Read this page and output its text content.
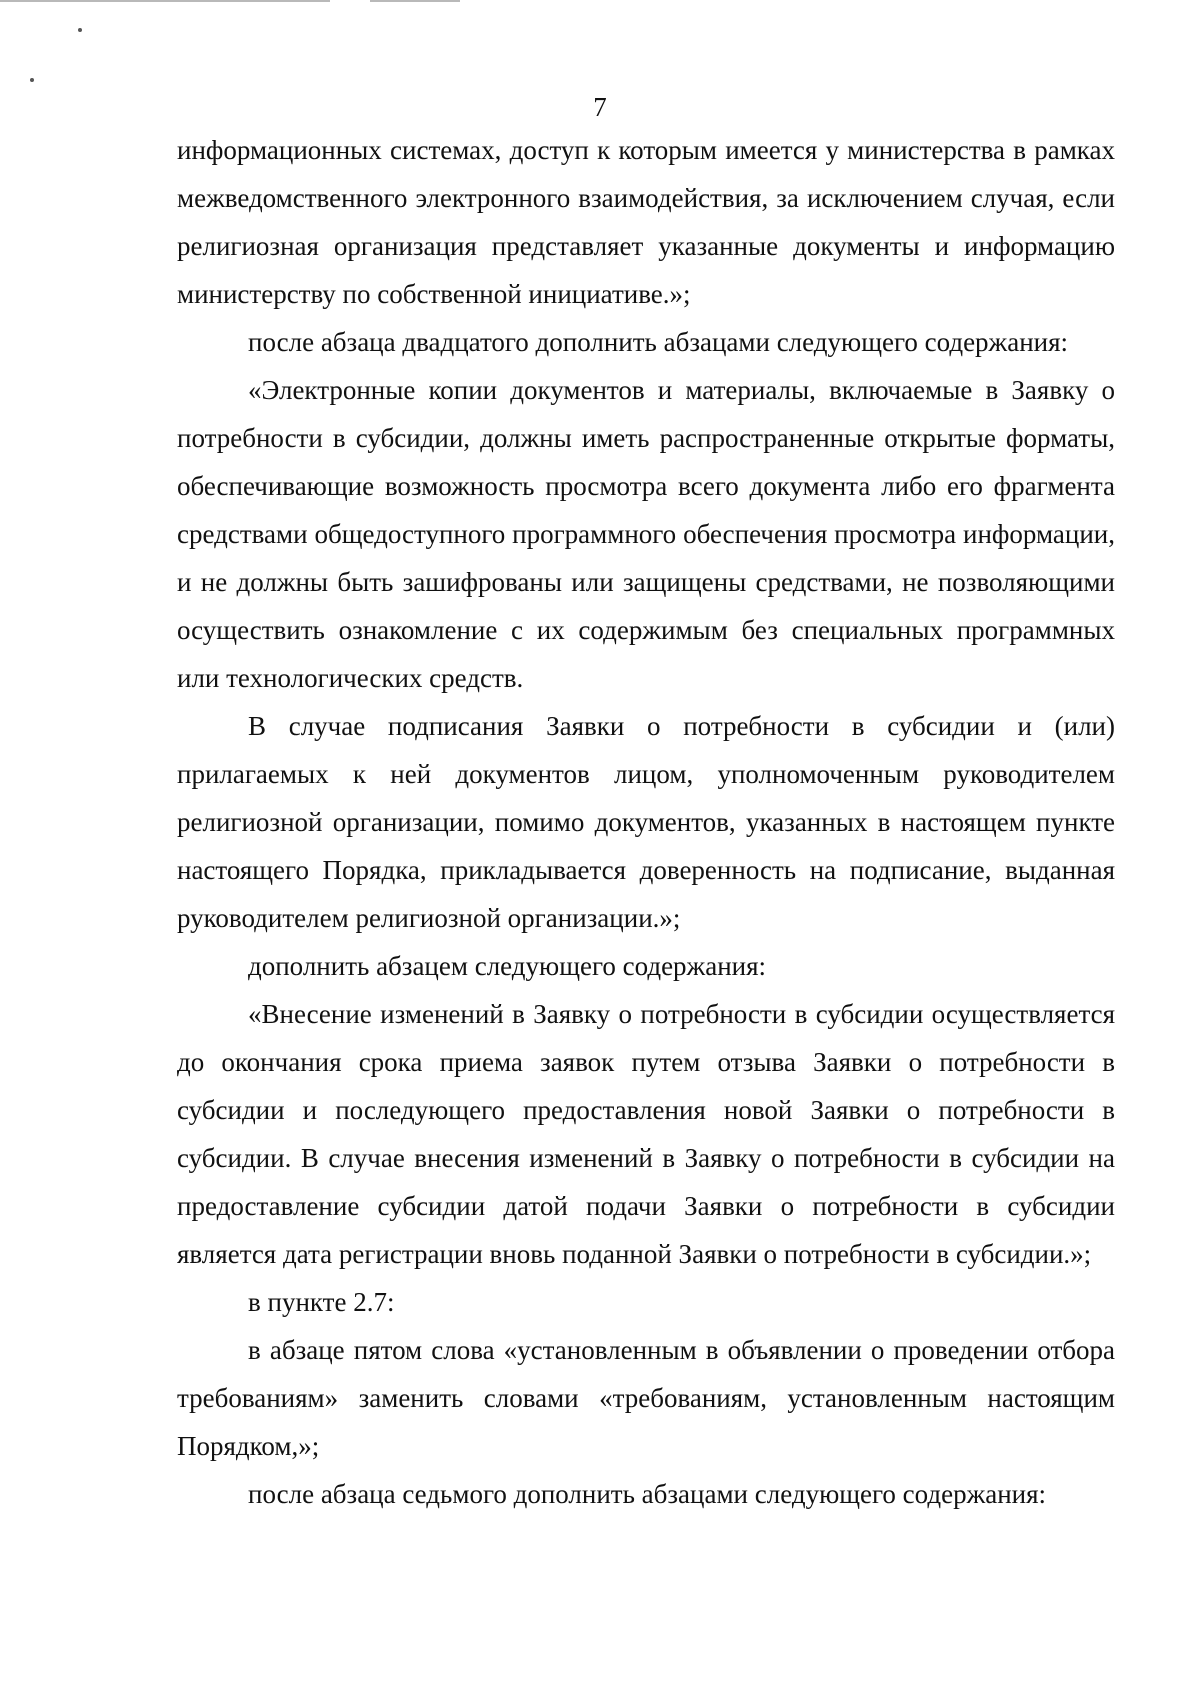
7

информационных системах, доступ к которым имеется у министерства в рамках межведомственного электронного взаимодействия, за исключением случая, если религиозная организация представляет указанные документы и информацию министерству по собственной инициативе.»;

после абзаца двадцатого дополнить абзацами следующего содержания:

«Электронные копии документов и материалы, включаемые в Заявку о потребности в субсидии, должны иметь распространенные открытые форматы, обеспечивающие возможность просмотра всего документа либо его фрагмента средствами общедоступного программного обеспечения просмотра информации, и не должны быть зашифрованы или защищены средствами, не позволяющими осуществить ознакомление с их содержимым без специальных программных или технологических средств.

В случае подписания Заявки о потребности в субсидии и (или) прилагаемых к ней документов лицом, уполномоченным руководителем религиозной организации, помимо документов, указанных в настоящем пункте настоящего Порядка, прикладывается доверенность на подписание, выданная руководителем религиозной организации.»;

дополнить абзацем следующего содержания:

«Внесение изменений в Заявку о потребности в субсидии осуществляется до окончания срока приема заявок путем отзыва Заявки о потребности в субсидии и последующего предоставления новой Заявки о потребности в субсидии. В случае внесения изменений в Заявку о потребности в субсидии на предоставление субсидии датой подачи Заявки о потребности в субсидии является дата регистрации вновь поданной Заявки о потребности в субсидии.»;

в пункте 2.7:

в абзаце пятом слова «установленным в объявлении о проведении отбора требованиям» заменить словами «требованиям, установленным настоящим Порядком,»;

после абзаца седьмого дополнить абзацами следующего содержания:
